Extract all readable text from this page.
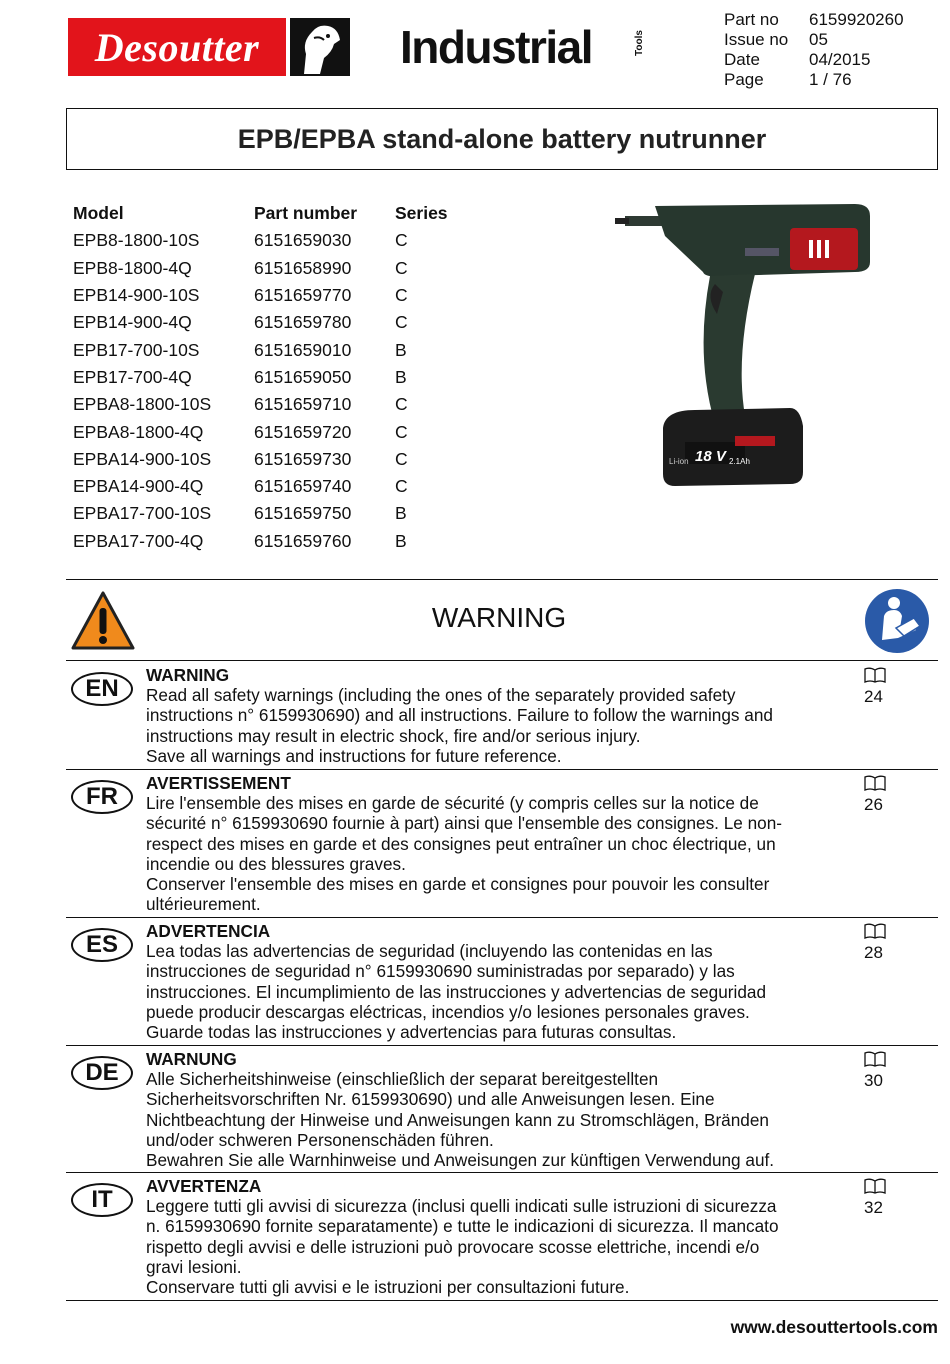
Desoutter	Industrial	Tools
Part no	6159920260
Issue no	05
Date	04/2015
Page	1 / 76
EPB/EPBA stand-alone battery nutrunner
Model	Part number	Series
EPB8-1800-10S	6151659030	C
EPB8-1800-4Q	6151658990	C
EPB14-900-10S	6151659770	C
EPB14-900-4Q	6151659780	C
EPB17-700-10S	6151659010	B
EPB17-700-4Q	6151659050	B
EPBA8-1800-10S	6151659710	C
EPBA8-1800-4Q	6151659720	C
EPBA14-900-10S	6151659730	C
EPBA14-900-4Q	6151659740	C
EPBA17-700-10S	6151659750	B
EPBA17-700-4Q	6151659760	B
18 V 2.1Ah
Li-ion
WARNING
EN	WARNING
Read all safety warnings (including the ones of the separately provided safety
instructions n° 6159930690) and all instructions. Failure to follow the warnings and
instructions may result in electric shock, fire and/or serious injury.
Save all warnings and instructions for future reference.
24
FR	AVERTISSEMENT
Lire l'ensemble des mises en garde de sécurité (y compris celles sur la notice de
sécurité n° 6159930690 fournie à part) ainsi que l'ensemble des consignes. Le non-
respect des mises en garde et des consignes peut entraîner un choc électrique, un
incendie ou des blessures graves.
Conserver l'ensemble des mises en garde et consignes pour pouvoir les consulter
ultérieurement.
26
ES	ADVERTENCIA
Lea todas las advertencias de seguridad (incluyendo las contenidas en las
instrucciones de seguridad n° 6159930690 suministradas por separado) y las
instrucciones. El incumplimiento de las instrucciones y advertencias de seguridad
puede producir descargas eléctricas, incendios y/o lesiones personales graves.
Guarde todas las instrucciones y advertencias para futuras consultas.
28
DE	WARNUNG
Alle Sicherheitshinweise (einschließlich der separat bereitgestellten
Sicherheitsvorschriften Nr. 6159930690) und alle Anweisungen lesen. Eine
Nichtbeachtung der Hinweise und Anweisungen kann zu Stromschlägen, Bränden
und/oder schweren Personenschäden führen.
Bewahren Sie alle Warnhinweise und Anweisungen zur künftigen Verwendung auf.
30
IT	AVVERTENZA
Leggere tutti gli avvisi di sicurezza (inclusi quelli indicati sulle istruzioni di sicurezza
n. 6159930690 fornite separatamente) e tutte le indicazioni di sicurezza. Il mancato
rispetto degli avvisi e delle istruzioni può provocare scosse elettriche, incendi e/o
gravi lesioni.
Conservare tutti gli avvisi e le istruzioni per consultazioni future.
32
www.desouttertools.com
